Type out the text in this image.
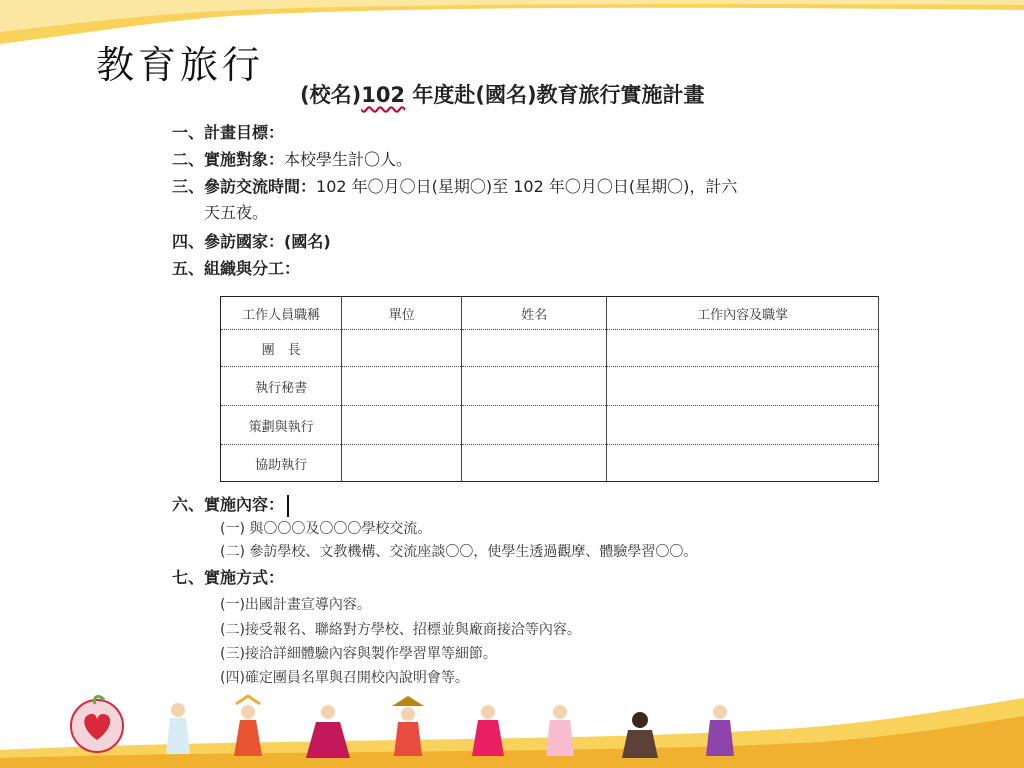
教育旅行
(校名)102 年度赴(國名)教育旅行實施計畫
一、計畫目標：
二、實施對象：本校學生計〇人。
三、參訪交流時間：102 年〇月〇日(星期〇)至 102 年〇月〇日(星期〇)，計六
天五夜。
四、參訪國家：(國名)
五、組織與分工：
工作人員職稱	單位	姓名	工作內容及職掌
團　長			
執行秘書			
策劃與執行			
協助執行			
六、實施內容：
(一) 與〇〇〇及〇〇〇學校交流。
(二) 參訪學校、文教機構、交流座談〇〇，使學生透過觀摩、體驗學習〇〇。
七、實施方式：
(一)出國計畫宣導內容。
(二)接受報名、聯絡對方學校、招標並與廠商接洽等內容。
(三)接洽詳細體驗內容與製作學習單等細節。
(四)確定團員名單與召開校內說明會等。
